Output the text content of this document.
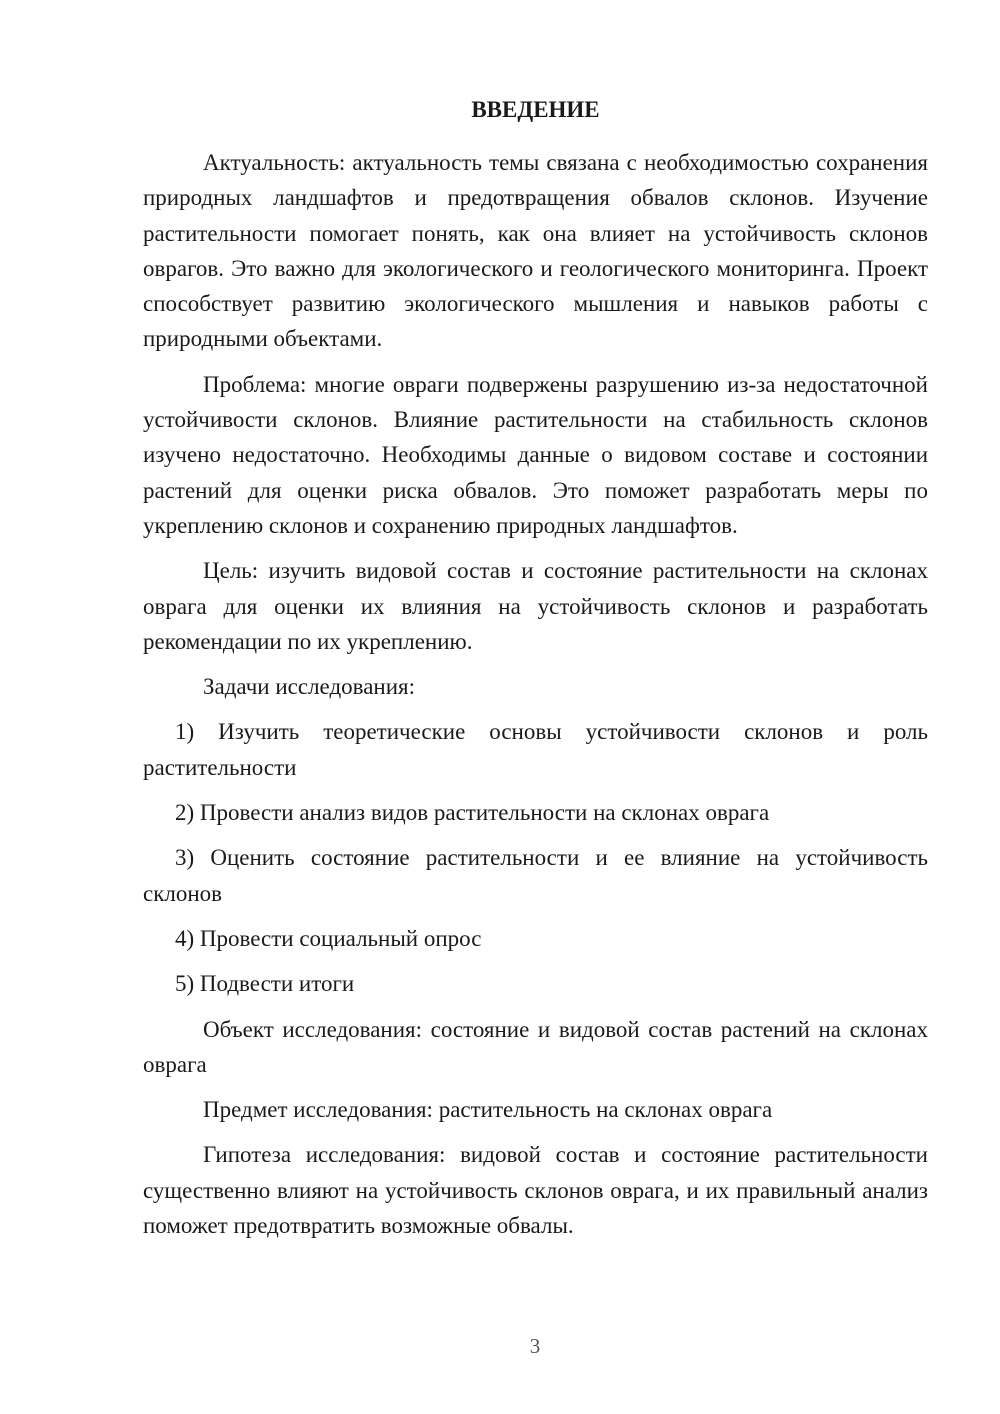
ВВЕДЕНИЕ

Актуальность: актуальность темы связана с необходимостью сохранения природных ландшафтов и предотвращения обвалов склонов. Изучение растительности помогает понять, как она влияет на устойчивость склонов оврагов. Это важно для экологического и геологического мониторинга. Проект способствует развитию экологического мышления и навыков работы с природными объектами.

Проблема: многие овраги подвержены разрушению из-за недостаточной устойчивости склонов. Влияние растительности на стабильность склонов изучено недостаточно. Необходимы данные о видовом составе и состоянии растений для оценки риска обвалов. Это поможет разработать меры по укреплению склонов и сохранению природных ландшафтов.

Цель: изучить видовой состав и состояние растительности на склонах оврага для оценки их влияния на устойчивость склонов и разработать рекомендации по их укреплению.

Задачи исследования:

1) Изучить теоретические основы устойчивости склонов и роль растительности

2) Провести анализ видов растительности на склонах оврага

3) Оценить состояние растительности и ее влияние на устойчивость склонов

4) Провести социальный опрос

5) Подвести итоги

Объект исследования: состояние и видовой состав растений на склонах оврага

Предмет исследования: растительность на склонах оврага

Гипотеза исследования: видовой состав и состояние растительности существенно влияют на устойчивость склонов оврага, и их правильный анализ поможет предотвратить возможные обвалы.

3
